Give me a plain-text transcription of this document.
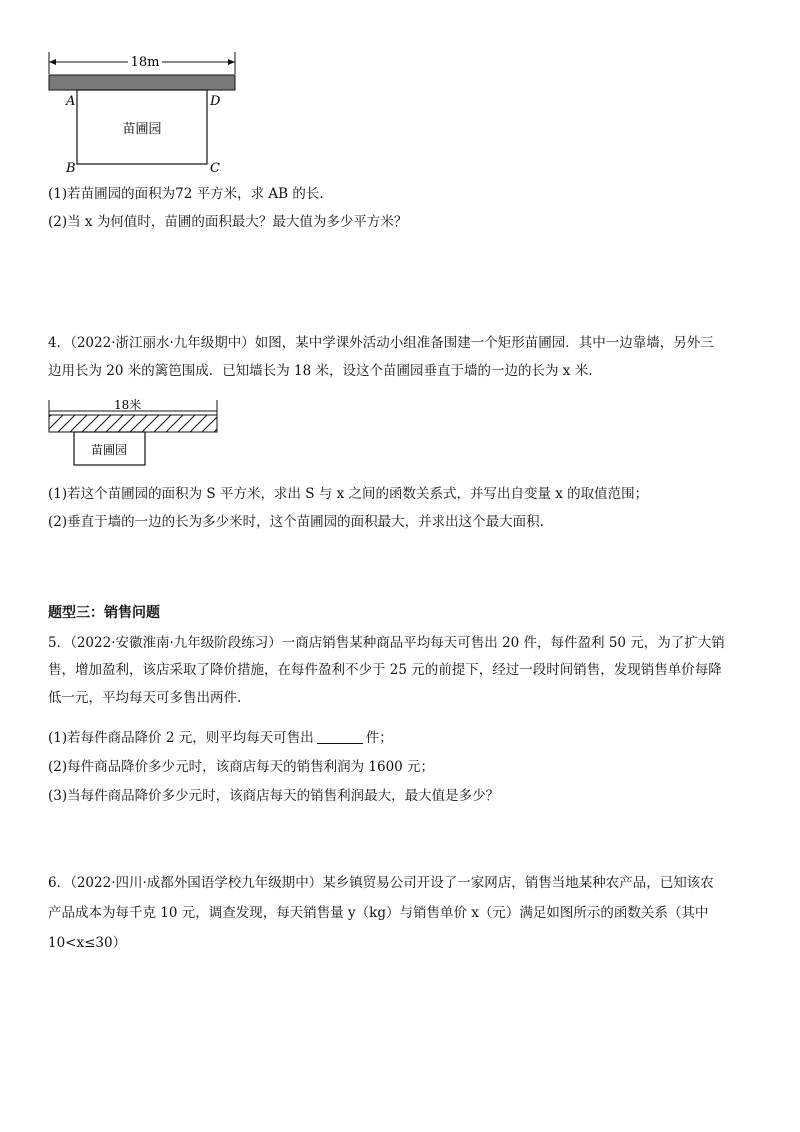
18m
A	D
B	C
苗圃园
(1)若苗圃园的面积为72 平方米，求 AB 的长.
(2)当 x 为何值时，苗圃的面积最大？最大值为多少平方米？
4．（2022·浙江丽水·九年级期中）如图，某中学课外活动小组准备围建一个矩形苗圃园．其中一边靠墙，另外三
边用长为 20 米的篱笆围成．已知墙长为 18 米，设这个苗圃园垂直于墙的一边的长为 x 米.
18米
苗圃园
(1)若这个苗圃园的面积为 S 平方米，求出 S 与 x 之间的函数关系式，并写出自变量 x 的取值范围；
(2)垂直于墙的一边的长为多少米时，这个苗圃园的面积最大，并求出这个最大面积.
题型三：销售问题
5．（2022·安徽淮南·九年级阶段练习）一商店销售某种商品平均每天可售出 20 件，每件盈利 50 元，为了扩大销
售，增加盈利，该店采取了降价措施，在每件盈利不少于 25 元的前提下，经过一段时间销售，发现销售单价每降
低一元，平均每天可多售出两件.
(1)若每件商品降价 2 元，则平均每天可售出	件；
(2)每件商品降价多少元时，该商店每天的销售利润为 1600 元；
(3)当每件商品降价多少元时，该商店每天的销售利润最大，最大值是多少？
6．（2022·四川·成都外国语学校九年级期中）某乡镇贸易公司开设了一家网店，销售当地某种农产品，已知该农
产品成本为每千克 10 元，调查发现，每天销售量 y（kg）与销售单价 x（元）满足如图所示的函数关系（其中
10<x≤30）
